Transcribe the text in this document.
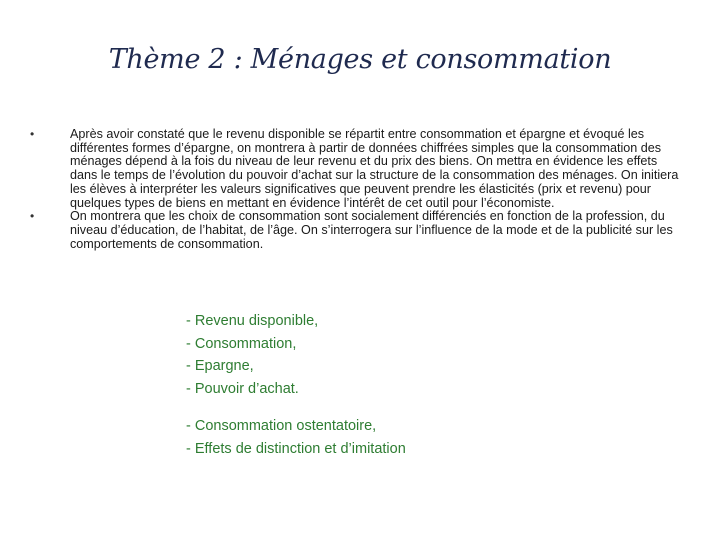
Thème 2 : Ménages et consommation
•	Après avoir constaté que le revenu disponible se répartit entre consommation et épargne et évoqué les différentes formes d’épargne, on montrera à partir de données chiffrées simples que la consommation des ménages dépend à la fois du niveau de leur revenu et du prix des biens. On mettra en évidence les effets dans le temps de l’évolution du pouvoir d’achat sur la structure de la consommation des ménages. On initiera les élèves à interpréter les valeurs significatives que peuvent prendre les élasticités (prix et revenu) pour quelques types de biens en mettant en évidence l’intérêt de cet outil pour l’économiste.
•	On montrera que les choix de consommation sont socialement différenciés en fonction de la profession, du niveau d’éducation, de l’habitat, de l’âge. On s’interrogera sur l’influence de la mode et de la publicité sur les comportements de consommation.
- Revenu disponible,
- Consommation,
- Epargne,
- Pouvoir d’achat.
- Consommation ostentatoire,
- Effets de distinction et d’imitation
